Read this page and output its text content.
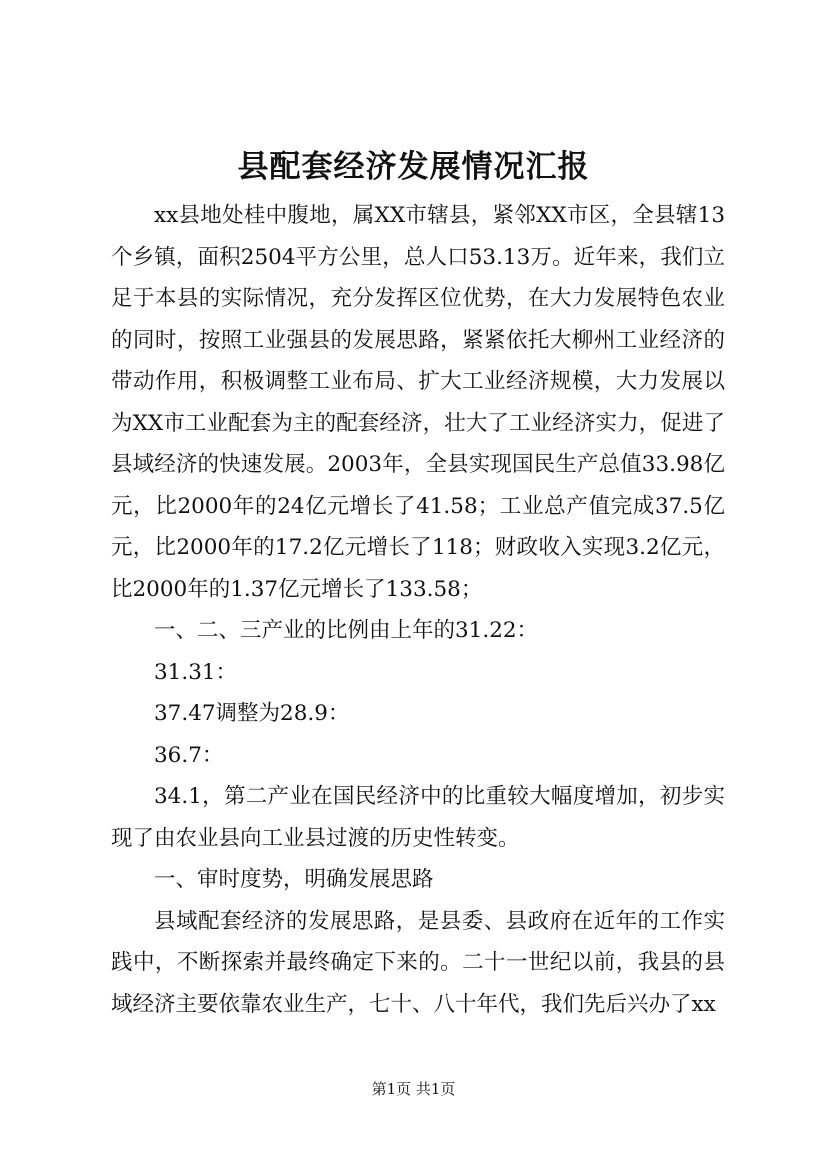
县配套经济发展情况汇报

xx县地处桂中腹地，属XX市辖县，紧邻XX市区，全县辖13个乡镇，面积2504平方公里，总人口53.13万。近年来，我们立足于本县的实际情况，充分发挥区位优势，在大力发展特色农业的同时，按照工业强县的发展思路，紧紧依托大柳州工业经济的带动作用，积极调整工业布局、扩大工业经济规模，大力发展以为XX市工业配套为主的配套经济，壮大了工业经济实力，促进了县域经济的快速发展。2003年，全县实现国民生产总值33.98亿元，比2000年的24亿元增长了41.58；工业总产值完成37.5亿元，比2000年的17.2亿元增长了118；财政收入实现3.2亿元，比2000年的1.37亿元增长了133.58；

一、二、三产业的比例由上年的31.22：

31.31：

37.47调整为28.9：

36.7：

34.1，第二产业在国民经济中的比重较大幅度增加，初步实现了由农业县向工业县过渡的历史性转变。

一、审时度势，明确发展思路

县域配套经济的发展思路，是县委、县政府在近年的工作实践中，不断探索并最终确定下来的。二十一世纪以前，我县的县域经济主要依靠农业生产，七十、八十年代，我们先后兴办了xx

第1页 共1页
